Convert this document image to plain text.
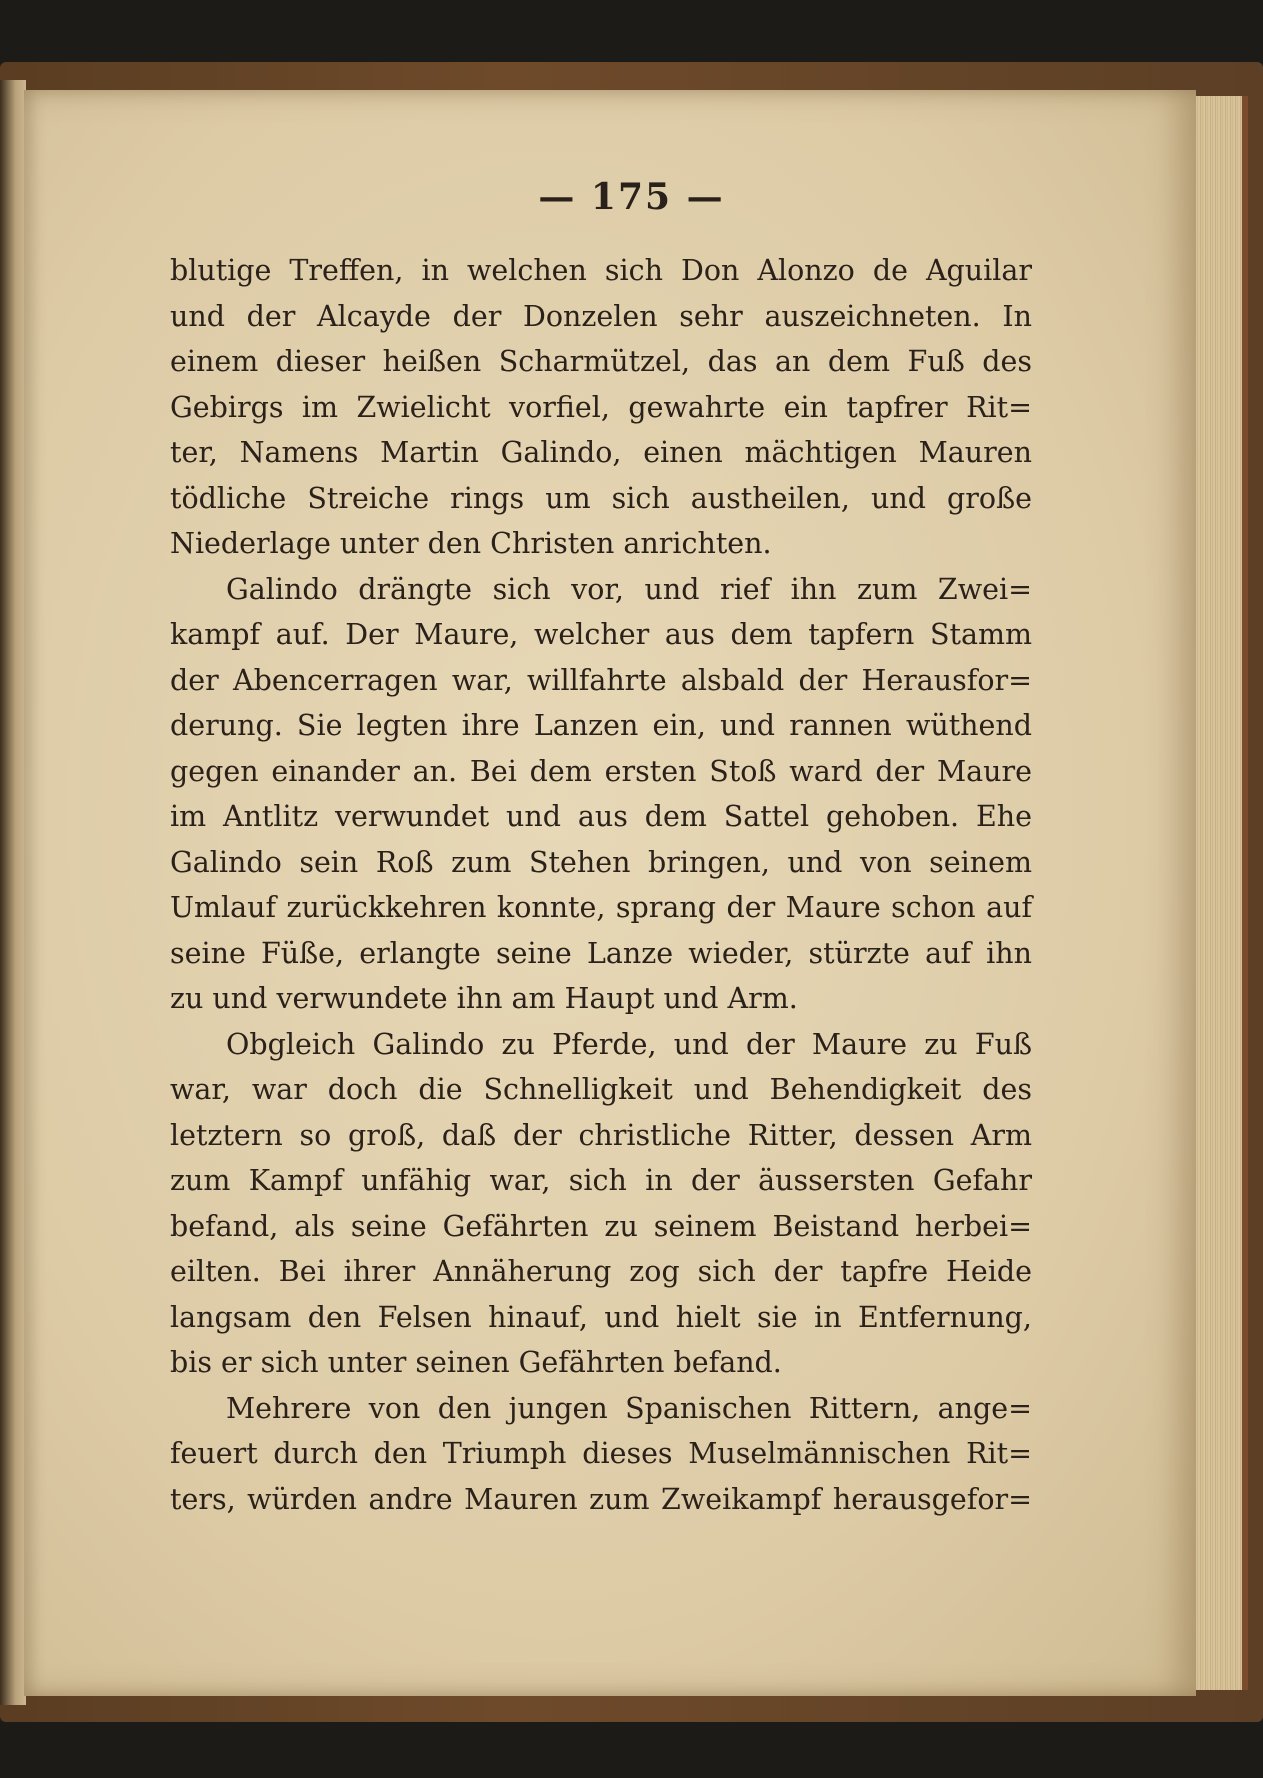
— 175 —
blutige Treffen, in welchen sich Don Alonzo de Aguilar
und der Alcayde der Donzelen sehr auszeichneten. In
einem dieser heißen Scharmützel, das an dem Fuß des
Gebirgs im Zwielicht vorfiel, gewahrte ein tapfrer Rit=
ter, Namens Martin Galindo, einen mächtigen Mauren
tödliche Streiche rings um sich austheilen, und große
Niederlage unter den Christen anrichten.
Galindo drängte sich vor, und rief ihn zum Zwei=
kampf auf. Der Maure, welcher aus dem tapfern Stamm
der Abencerragen war, willfahrte alsbald der Herausfor=
derung. Sie legten ihre Lanzen ein, und rannen wüthend
gegen einander an. Bei dem ersten Stoß ward der Maure
im Antlitz verwundet und aus dem Sattel gehoben. Ehe
Galindo sein Roß zum Stehen bringen, und von seinem
Umlauf zurückkehren konnte, sprang der Maure schon auf
seine Füße, erlangte seine Lanze wieder, stürzte auf ihn
zu und verwundete ihn am Haupt und Arm.
Obgleich Galindo zu Pferde, und der Maure zu Fuß
war, war doch die Schnelligkeit und Behendigkeit des
letztern so groß, daß der christliche Ritter, dessen Arm
zum Kampf unfähig war, sich in der äussersten Gefahr
befand, als seine Gefährten zu seinem Beistand herbei=
eilten. Bei ihrer Annäherung zog sich der tapfre Heide
langsam den Felsen hinauf, und hielt sie in Entfernung,
bis er sich unter seinen Gefährten befand.
Mehrere von den jungen Spanischen Rittern, ange=
feuert durch den Triumph dieses Muselmännischen Rit=
ters, würden andre Mauren zum Zweikampf herausgefor=
